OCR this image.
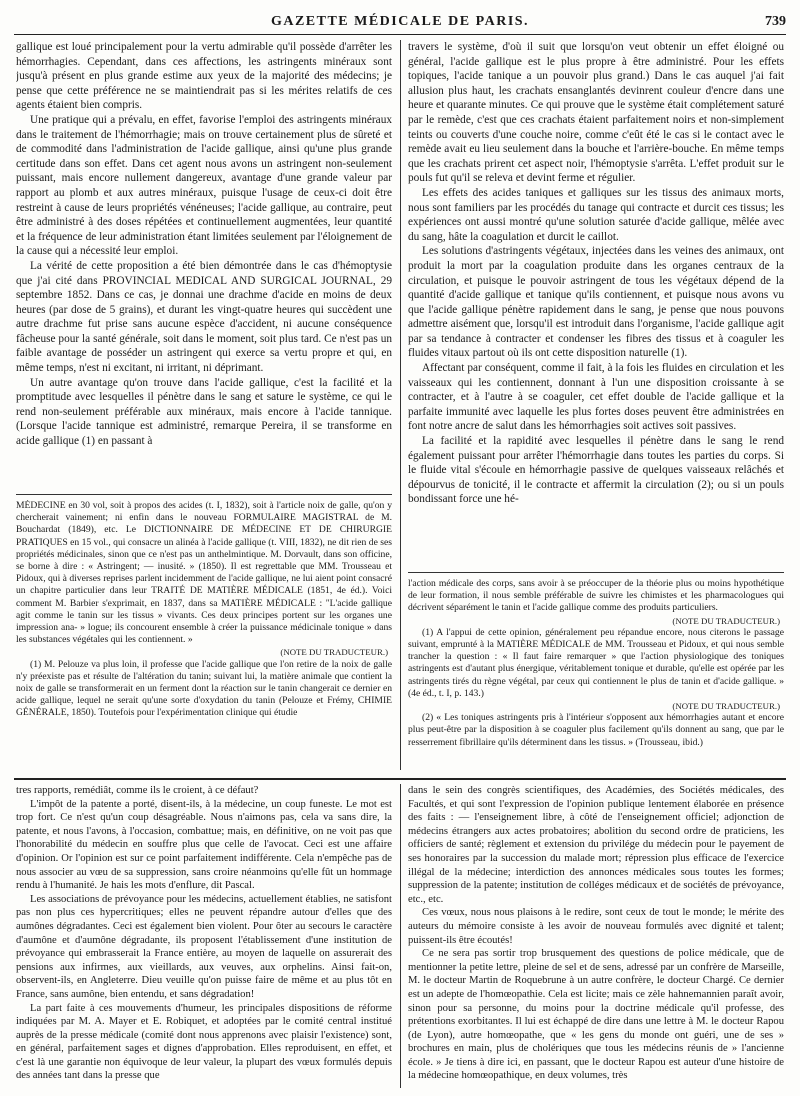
GAZETTE MÉDICALE DE PARIS.	739

gallique est loué principalement pour la vertu admirable qu'il possède d'arrêter les hémorrhagies. Cependant, dans ces affections, les astringents minéraux sont jusqu'à présent en plus grande estime aux yeux de la majorité des médecins; je pense que cette préférence ne se maintiendrait pas si les mérites relatifs de ces agents étaient bien compris.

Une pratique qui a prévalu, en effet, favorise l'emploi des astringents minéraux dans le traitement de l'hémorrhagie; mais on trouve certainement plus de sûreté et de commodité dans l'administration de l'acide gallique, ainsi qu'une plus grande certitude dans son effet. Dans cet agent nous avons un astringent non-seulement puissant, mais encore nullement dangereux, avantage d'une grande valeur par rapport au plomb et aux autres minéraux, puisque l'usage de ceux-ci doit être restreint à cause de leurs propriétés vénéneuses; l'acide gallique, au contraire, peut être administré à des doses répétées et continuellement augmentées, leur quantité et la fréquence de leur administration étant limitées seulement par l'éloignement de la cause qui a nécessité leur emploi.

La vérité de cette proposition a été bien démontrée dans le cas d'hémoptysie que j'ai cité dans PROVINCIAL MEDICAL AND SURGICAL JOURNAL, 29 septembre 1852. Dans ce cas, je donnai une drachme d'acide en moins de deux heures (par dose de 5 grains), et durant les vingt-quatre heures qui succèdent une autre drachme fut prise sans aucune espèce d'accident, ni aucune conséquence fâcheuse pour la santé générale, soit dans le moment, soit plus tard. Ce n'est pas un faible avantage de posséder un astringent qui exerce sa vertu propre et qui, en même temps, n'est ni excitant, ni irritant, ni déprimant.

Un autre avantage qu'on trouve dans l'acide gallique, c'est la facilité et la promptitude avec lesquelles il pénètre dans le sang et sature le système, ce qui le rend non-seulement préférable aux minéraux, mais encore à l'acide tannique. (Lorsque l'acide tannique est administré, remarque Pereira, il se transforme en acide gallique (1) en passant à

travers le système, d'où il suit que lorsqu'on veut obtenir un effet éloigné ou général, l'acide gallique est le plus propre à être administré. Pour les effets topiques, l'acide tanique a un pouvoir plus grand.) Dans le cas auquel j'ai fait allusion plus haut, les crachats ensanglantés devinrent couleur d'encre dans une heure et quarante minutes. Ce qui prouve que le système était complétement saturé par le remède, c'est que ces crachats étaient parfaitement noirs et non-simplement teints ou couverts d'une couche noire, comme c'eût été le cas si le contact avec le remède avait eu lieu seulement dans la bouche et l'arrière-bouche. En même temps que les crachats prirent cet aspect noir, l'hémoptysie s'arrêta. L'effet produit sur le pouls fut qu'il se releva et devint ferme et régulier.

Les effets des acides taniques et galliques sur les tissus des animaux morts, nous sont familiers par les procédés du tanage qui contracte et durcit ces tissus; les expériences ont aussi montré qu'une solution saturée d'acide gallique, mêlée avec du sang, hâte la coagulation et durcit le caillot.

Les solutions d'astringents végétaux, injectées dans les veines des animaux, ont produit la mort par la coagulation produite dans les organes centraux de la circulation, et puisque le pouvoir astringent de tous les végétaux dépend de la quantité d'acide gallique et tanique qu'ils contiennent, et puisque nous avons vu que l'acide gallique pénètre rapidement dans le sang, je pense que nous pouvons admettre aisément que, lorsqu'il est introduit dans l'organisme, l'acide gallique agit par sa tendance à contracter et condenser les fibres des tissus et à coaguler les fluides vitaux partout où ils ont cette disposition naturelle (1).

Affectant par conséquent, comme il fait, à la fois les fluides en circulation et les vaisseaux qui les contiennent, donnant à l'un une disposition croissante à se contracter, et à l'autre à se coaguler, cet effet double de l'acide gallique et la parfaite immunité avec laquelle les plus fortes doses peuvent être administrées en font notre ancre de salut dans les hémorrhagies soit actives soit passives.

La facilité et la rapidité avec lesquelles il pénètre dans le sang le rend également puissant pour arrêter l'hémorrhagie dans toutes les parties du corps. Si le fluide vital s'écoule en hémorrhagie passive de quelques vaisseaux relâchés et dépourvus de tonicité, il le contracte et affermit la circulation (2); ou si un pouls bondissant force une hé-

MÉDECINE en 30 vol, soit à propos des acides (t. I, 1832), soit à l'article noix de galle, qu'on y chercherait vainement; ni enfin dans le nouveau FORMULAIRE MAGISTRAL de M. Bouchardat (1849), etc. Le DICTIONNAIRE DE MÉDECINE ET DE CHIRURGIE PRATIQUES en 15 vol., qui consacre un alinéa à l'acide gallique (t. VIII, 1832), ne dit rien de ses propriétés médicinales, sinon que ce n'est pas un anthelmintique. M. Dorvault, dans son officine, se borne à dire : « Astringent; — inusité. » (1850). Il est regrettable que MM. Trousseau et Pidoux, qui à diverses reprises parlent incidemment de l'acide gallique, ne lui aient point consacré un chapitre particulier dans leur TRAITÉ DE MATIÈRE MÉDICALE (1851, 4e éd.). Voici comment M. Barbier s'exprimait, en 1837, dans sa MATIÈRE MÉDICALE : "L'acide gallique agit comme le tanin sur les tissus » vivants. Ces deux principes portent sur les organes une impression ana- » logue; ils concourent ensemble à créer la puissance médicinale tonique » dans les substances végétales qui les contiennent. »

(NOTE DU TRADUCTEUR.)

(1) M. Pelouze va plus loin, il professe que l'acide gallique que l'on retire de la noix de galle n'y préexiste pas et résulte de l'altération du tanin; suivant lui, la matière animale que contient la noix de galle se transformerait en un ferment dont la réaction sur le tanin changerait ce dernier en acide gallique, lequel ne serait qu'une sorte d'oxydation du tanin (Pelouze et Frémy, CHIMIE GÉNÉRALE, 1850). Toutefois pour l'expérimentation clinique qui étudie

l'action médicale des corps, sans avoir à se préoccuper de la théorie plus ou moins hypothétique de leur formation, il nous semble préférable de suivre les chimistes et les pharmacologues qui décrivent séparément le tanin et l'acide gallique comme des produits particuliers.

(NOTE DU TRADUCTEUR.)

(1) A l'appui de cette opinion, généralement peu répandue encore, nous citerons le passage suivant, emprunté à la MATIÈRE MÉDICALE de MM. Trousseau et Pidoux, et qui nous semble trancher la question : « Il faut faire remarquer » que l'action physiologique des toniques astringents est d'autant plus énergique, véritablement tonique et durable, qu'elle est opérée par les astringents tirés du règne végétal, par ceux qui contiennent le plus de tanin et d'acide gallique. » (4e éd., t. I, p. 143.)

(NOTE DU TRADUCTEUR.)

(2) « Les toniques astringents pris à l'intérieur s'opposent aux hémorrhagies autant et encore plus peut-être par la disposition à se coaguler plus facilement qu'ils donnent au sang, que par le resserrement fibrillaire qu'ils déterminent dans les tissus. » (Trousseau, ibid.)

tres rapports, remédiât, comme ils le croient, à ce défaut?

L'impôt de la patente a porté, disent-ils, à la médecine, un coup funeste. Le mot est trop fort. Ce n'est qu'un coup désagréable. Nous n'aimons pas, cela va sans dire, la patente, et nous l'avons, à l'occasion, combattue; mais, en définitive, on ne voit pas que l'honorabilité du médecin en souffre plus que celle de l'avocat. Ceci est une affaire d'opinion. Or l'opinion est sur ce point parfaitement indifférente. Cela n'empêche pas de nous associer au vœu de sa suppression, sans croire néanmoins qu'elle fût un hommage rendu à l'humanité. Je hais les mots d'enflure, dit Pascal.

Les associations de prévoyance pour les médecins, actuellement établies, ne satisfont pas non plus ces hypercritiques; elles ne peuvent répandre autour d'elles que des aumônes dégradantes. Ceci est également bien violent. Pour ôter au secours le caractère d'aumône et d'aumône dégradante, ils proposent l'établissement d'une institution de prévoyance qui embrasserait la France entière, au moyen de laquelle on assurerait des pensions aux infirmes, aux vieillards, aux veuves, aux orphelins. Ainsi fait-on, observent-ils, en Angleterre. Dieu veuille qu'on puisse faire de même et au plus tôt en France, sans aumône, bien entendu, et sans dégradation!

La part faite à ces mouvements d'humeur, les principales dispositions de réforme indiquées par M. A. Mayer et E. Robiquet, et adoptées par le comité central institué auprès de la presse médicale (comité dont nous apprenons avec plaisir l'existence) sont, en général, parfaitement sages et dignes d'approbation. Elles reproduisent, en effet, et c'est là une garantie non équivoque de leur valeur, la plupart des vœux formulés depuis des années tant dans la presse que

dans le sein des congrès scientifiques, des Académies, des Sociétés médicales, des Facultés, et qui sont l'expression de l'opinion publique lentement élaborée en présence des faits : — l'enseignement libre, à côté de l'enseignement officiel; adjonction de médecins étrangers aux actes probatoires; abolition du second ordre de praticiens, les officiers de santé; règlement et extension du privilége du médecin pour le payement de ses honoraires par la succession du malade mort; répression plus efficace de l'exercice illégal de la médecine; interdiction des annonces médicales sous toutes les formes; suppression de la patente; institution de colléges médicaux et de sociétés de prévoyance, etc., etc.

Ces vœux, nous nous plaisons à le redire, sont ceux de tout le monde; le mérite des auteurs du mémoire consiste à les avoir de nouveau formulés avec dignité et talent; puissent-ils être écoutés!

Ce ne sera pas sortir trop brusquement des questions de police médicale, que de mentionner la petite lettre, pleine de sel et de sens, adressé par un confrère de Marseille, M. le docteur Martin de Roquebrune à un autre confrère, le docteur Chargé. Ce dernier est un adepte de l'homœopathie. Cela est licite; mais ce zèle hahnemannien paraît avoir, sinon pour sa personne, du moins pour la doctrine médicale qu'il professe, des prétentions exorbitantes. Il lui est échappé de dire dans une lettre à M. le docteur Rapou (de Lyon), autre homœopathe, que « les gens du monde ont guéri, une de ses » brochures en main, plus de cholériques que tous les médecins réunis de » l'ancienne école. » Je tiens à dire ici, en passant, que le docteur Rapou est auteur d'une histoire de la médecine homœopathique, en deux volumes, très
